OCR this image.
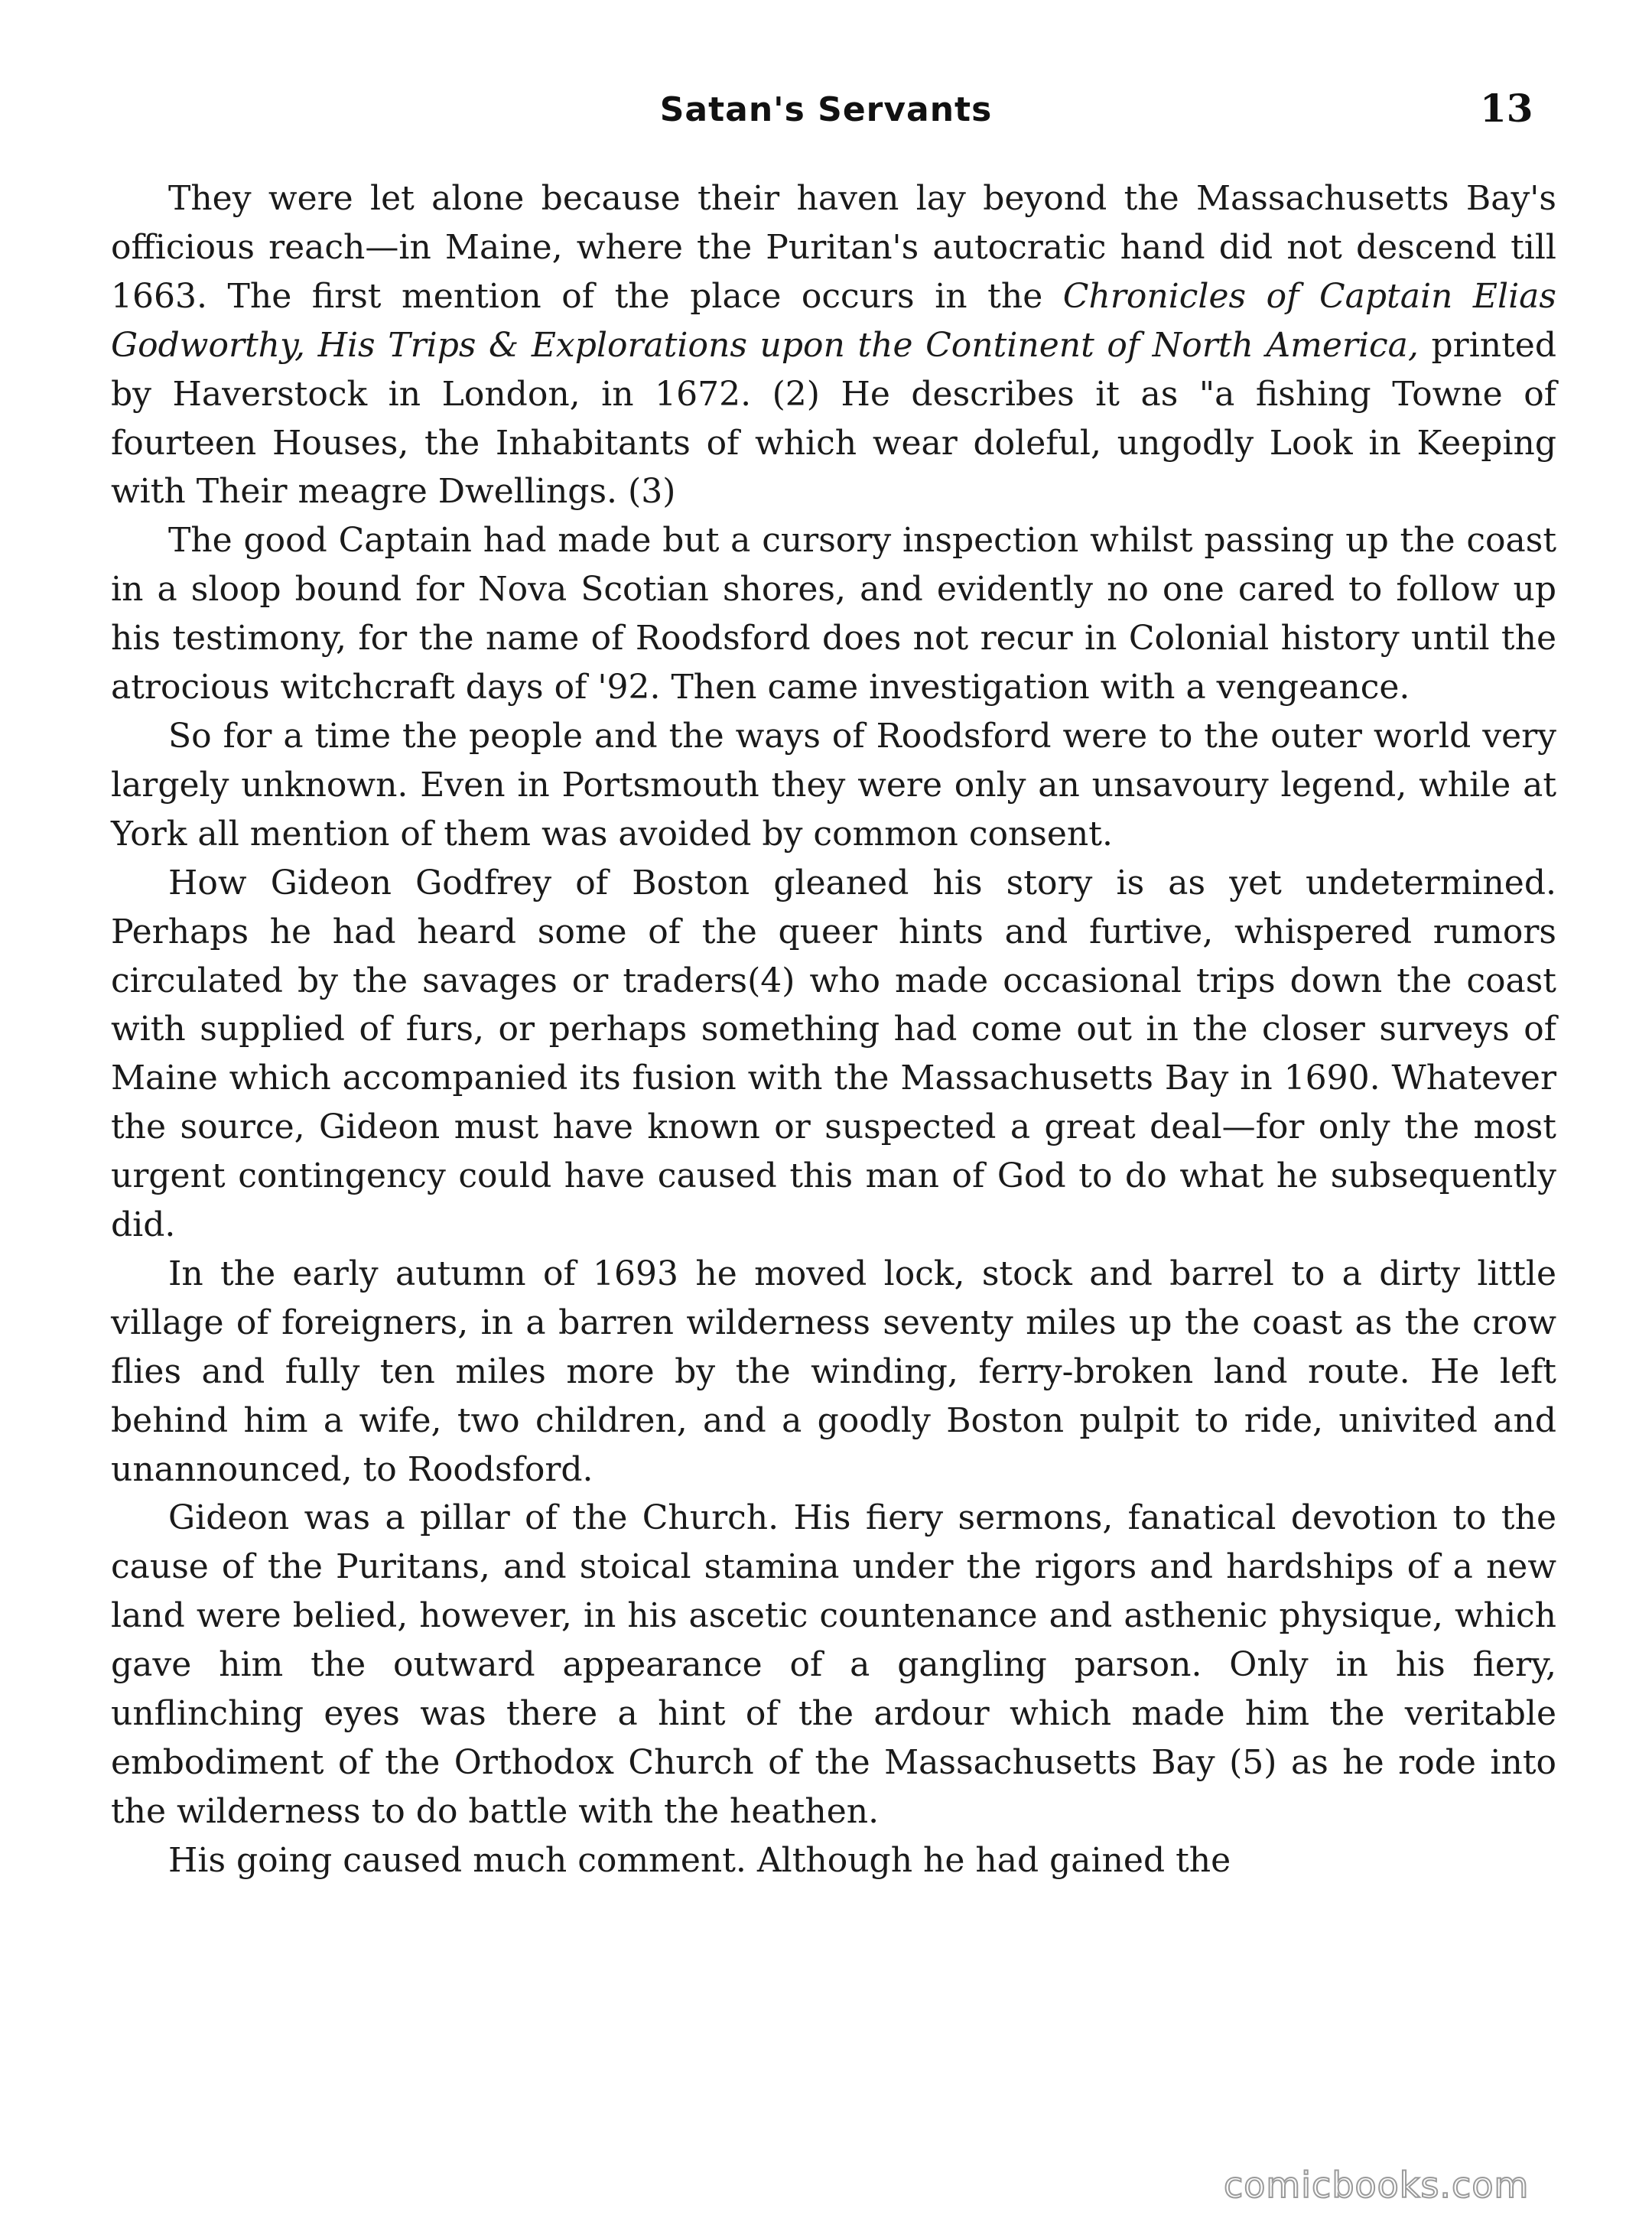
Satan's Servants	13

They were let alone because their haven lay beyond the Massachusetts Bay's officious reach—in Maine, where the Puritan's autocratic hand did not descend till 1663. The first mention of the place occurs in the Chronicles of Captain Elias Godworthy, His Trips & Explorations upon the Continent of North America, printed by Haverstock in London, in 1672. (2) He describes it as "a fishing Towne of fourteen Houses, the Inhabitants of which wear doleful, ungodly Look in Keeping with Their meagre Dwellings. (3)

The good Captain had made but a cursory inspection whilst passing up the coast in a sloop bound for Nova Scotian shores, and evidently no one cared to follow up his testimony, for the name of Roodsford does not recur in Colonial history until the atrocious witchcraft days of '92. Then came investigation with a vengeance.

So for a time the people and the ways of Roodsford were to the outer world very largely unknown. Even in Portsmouth they were only an unsavoury legend, while at York all mention of them was avoided by common consent.

How Gideon Godfrey of Boston gleaned his story is as yet undetermined. Perhaps he had heard some of the queer hints and furtive, whispered rumors circulated by the savages or traders(4) who made occasional trips down the coast with supplied of furs, or perhaps something had come out in the closer surveys of Maine which accompanied its fusion with the Massachusetts Bay in 1690. Whatever the source, Gideon must have known or suspected a great deal—for only the most urgent contingency could have caused this man of God to do what he subsequently did.

In the early autumn of 1693 he moved lock, stock and barrel to a dirty little village of foreigners, in a barren wilderness seventy miles up the coast as the crow flies and fully ten miles more by the winding, ferry-broken land route. He left behind him a wife, two children, and a goodly Boston pulpit to ride, univited and unannounced, to Roodsford.

Gideon was a pillar of the Church. His fiery sermons, fanatical devotion to the cause of the Puritans, and stoical stamina under the rigors and hardships of a new land were belied, however, in his ascetic countenance and asthenic physique, which gave him the outward appearance of a gangling parson. Only in his fiery, unflinching eyes was there a hint of the ardour which made him the veritable embodiment of the Orthodox Church of the Massachusetts Bay (5) as he rode into the wilderness to do battle with the heathen.

His going caused much comment. Although he had gained the

comicbooks.com
